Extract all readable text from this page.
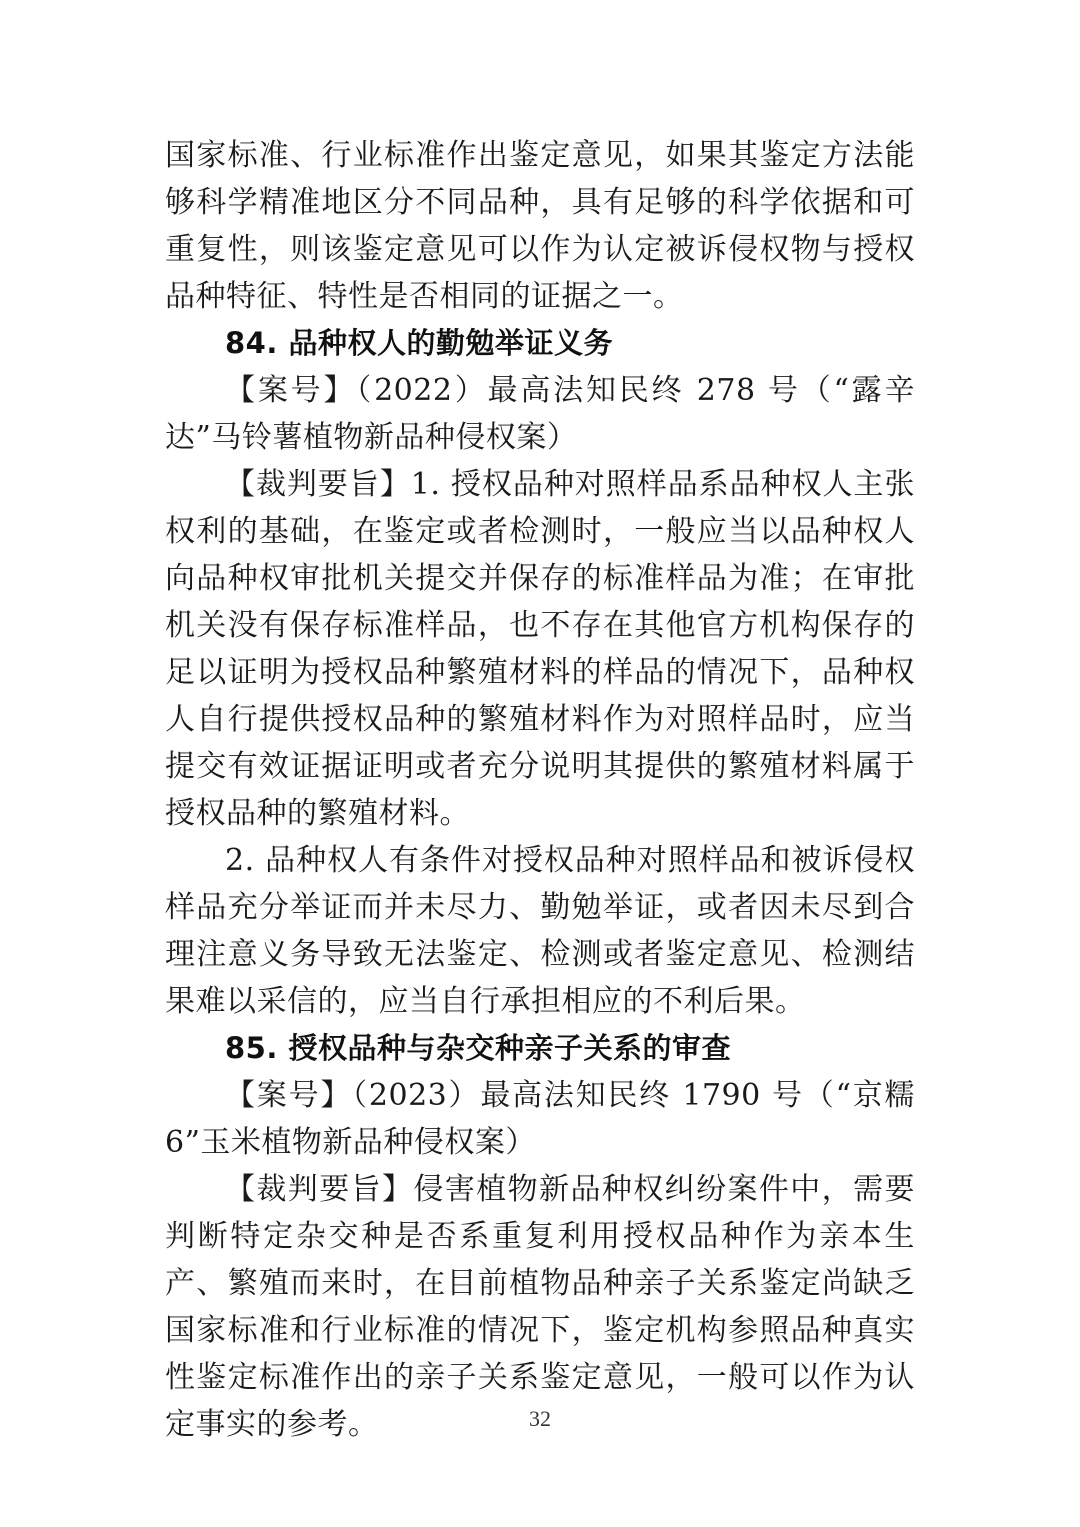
国家标准、行业标准作出鉴定意见，如果其鉴定方法能够科学精准地区分不同品种，具有足够的科学依据和可重复性，则该鉴定意见可以作为认定被诉侵权物与授权品种特征、特性是否相同的证据之一。

84. 品种权人的勤勉举证义务

【案号】（2022）最高法知民终 278 号（“露辛达”马铃薯植物新品种侵权案）

【裁判要旨】1. 授权品种对照样品系品种权人主张权利的基础，在鉴定或者检测时，一般应当以品种权人向品种权审批机关提交并保存的标准样品为准；在审批机关没有保存标准样品，也不存在其他官方机构保存的足以证明为授权品种繁殖材料的样品的情况下，品种权人自行提供授权品种的繁殖材料作为对照样品时，应当提交有效证据证明或者充分说明其提供的繁殖材料属于授权品种的繁殖材料。

2. 品种权人有条件对授权品种对照样品和被诉侵权样品充分举证而并未尽力、勤勉举证，或者因未尽到合理注意义务导致无法鉴定、检测或者鉴定意见、检测结果难以采信的，应当自行承担相应的不利后果。

85. 授权品种与杂交种亲子关系的审查

【案号】（2023）最高法知民终 1790 号（“京糯 6”玉米植物新品种侵权案）

【裁判要旨】侵害植物新品种权纠纷案件中，需要判断特定杂交种是否系重复利用授权品种作为亲本生产、繁殖而来时，在目前植物品种亲子关系鉴定尚缺乏国家标准和行业标准的情况下，鉴定机构参照品种真实性鉴定标准作出的亲子关系鉴定意见，一般可以作为认定事实的参考。	32
